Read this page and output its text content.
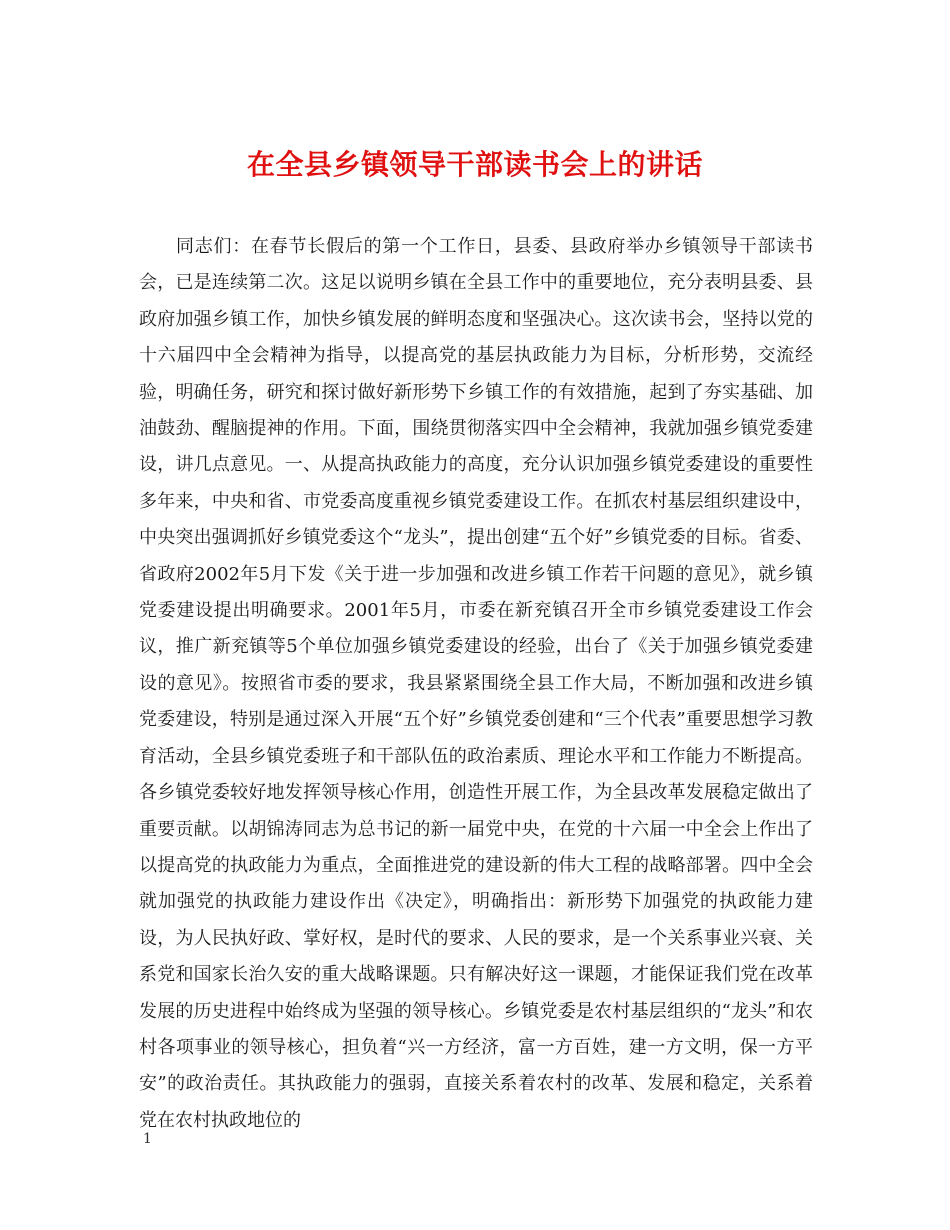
在全县乡镇领导干部读书会上的讲话

同志们：在春节长假后的第一个工作日，县委、县政府举办乡镇领导干部读书会，已是连续第二次。这足以说明乡镇在全县工作中的重要地位，充分表明县委、县政府加强乡镇工作，加快乡镇发展的鲜明态度和坚强决心。这次读书会，坚持以党的十六届四中全会精神为指导，以提高党的基层执政能力为目标，分析形势，交流经验，明确任务，研究和探讨做好新形势下乡镇工作的有效措施，起到了夯实基础、加油鼓劲、醒脑提神的作用。下面，围绕贯彻落实四中全会精神，我就加强乡镇党委建设，讲几点意见。一、从提高执政能力的高度，充分认识加强乡镇党委建设的重要性多年来，中央和省、市党委高度重视乡镇党委建设工作。在抓农村基层组织建设中，中央突出强调抓好乡镇党委这个“龙头”，提出创建“五个好”乡镇党委的目标。省委、省政府2002年5月下发《关于进一步加强和改进乡镇工作若干问题的意见》，就乡镇党委建设提出明确要求。2001年5月，市委在新兖镇召开全市乡镇党委建设工作会议，推广新兖镇等5个单位加强乡镇党委建设的经验，出台了《关于加强乡镇党委建设的意见》。按照省市委的要求，我县紧紧围绕全县工作大局，不断加强和改进乡镇党委建设，特别是通过深入开展“五个好”乡镇党委创建和“三个代表”重要思想学习教育活动，全县乡镇党委班子和干部队伍的政治素质、理论水平和工作能力不断提高。各乡镇党委较好地发挥领导核心作用，创造性开展工作，为全县改革发展稳定做出了重要贡献。以胡锦涛同志为总书记的新一届党中央，在党的十六届一中全会上作出了以提高党的执政能力为重点，全面推进党的建设新的伟大工程的战略部署。四中全会就加强党的执政能力建设作出《决定》，明确指出：新形势下加强党的执政能力建设，为人民执好政、掌好权，是时代的要求、人民的要求，是一个关系事业兴衰、关系党和国家长治久安的重大战略课题。只有解决好这一课题，才能保证我们党在改革发展的历史进程中始终成为坚强的领导核心。乡镇党委是农村基层组织的“龙头”和农村各项事业的领导核心，担负着“兴一方经济，富一方百姓，建一方文明，保一方平安”的政治责任。其执政能力的强弱，直接关系着农村的改革、发展和稳定，关系着党在农村执政地位的

1
